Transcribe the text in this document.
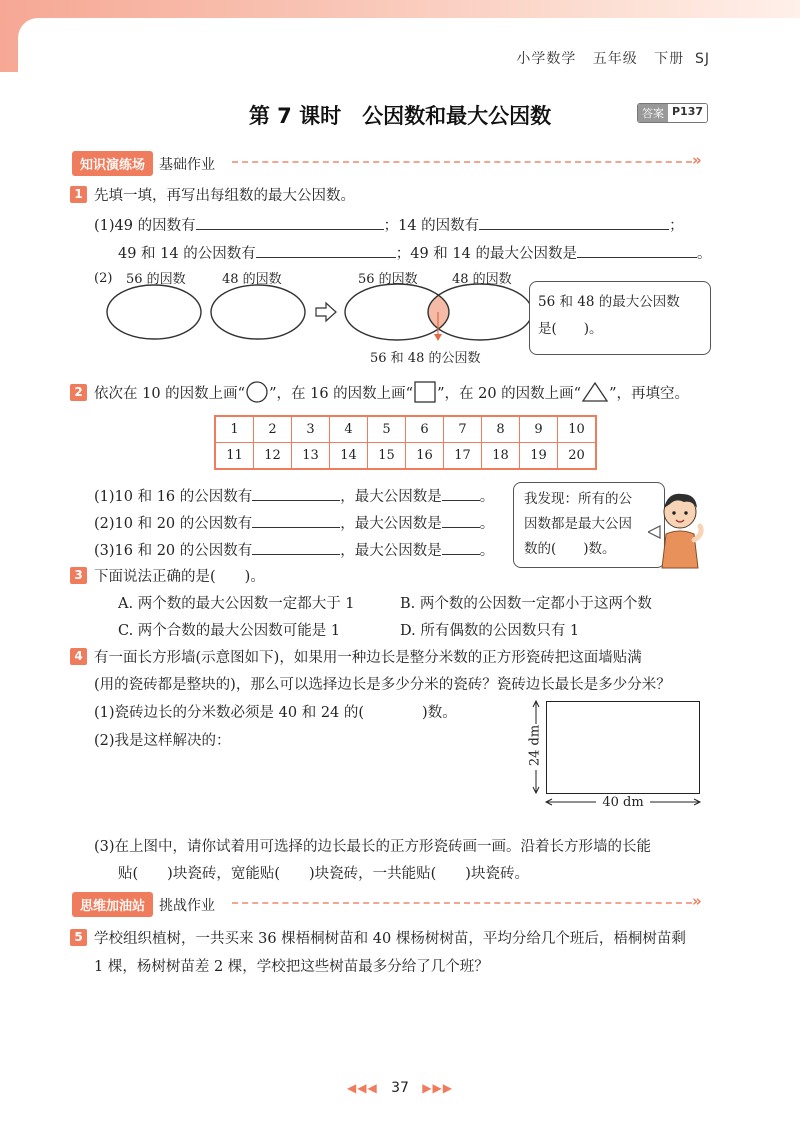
小学数学 五年级 下册 SJ
第 7 课时　公因数和最大公因数	答案 P137
知识演练场	基础作业	»
1 先填一填，再写出每组数的最大公因数。
(1)49 的因数有	；14 的因数有	；
49 和 14 的公因数有	；49 和 14 的最大公因数是	。
(2) 56 的因数	48 的因数	56 的因数	48 的因数
56 和 48 的公因数
56 和 48 的最大公因数
是(　　)。
2 依次在 10 的因数上画“ ”，在 16 的因数上画“ ”，在 20 的因数上画“ ”，再填空。
1	2	3	4	5	6	7	8	9	10
11	12	13	14	15	16	17	18	19	20
(1)10 和 16 的公因数有	，最大公因数是	。
(2)10 和 20 的公因数有	，最大公因数是	。
(3)16 和 20 的公因数有	，最大公因数是	。
我发现：所有的公
因数都是最大公因
数的(　　)数。
3 下面说法正确的是(　　)。
A. 两个数的最大公因数一定都大于 1	B. 两个数的公因数一定都小于这两个数
C. 两个合数的最大公因数可能是 1	D. 所有偶数的公因数只有 1
4 有一面长方形墙(示意图如下)，如果用一种边长是整分米数的正方形瓷砖把这面墙贴满
(用的瓷砖都是整块的)，那么可以选择边长是多少分米的瓷砖？瓷砖边长最长是多少分米？
(1)瓷砖边长的分米数必须是 40 和 24 的(　　　　)数。
(2)我是这样解决的：	24 dm
40 dm
(3)在上图中，请你试着用可选择的边长最长的正方形瓷砖画一画。沿着长方形墙的长能
贴(　　)块瓷砖，宽能贴(　　)块瓷砖，一共能贴(　　)块瓷砖。
思维加油站	挑战作业	»
5 学校组织植树，一共买来 36 棵梧桐树苗和 40 棵杨树树苗，平均分给几个班后，梧桐树苗剩
1 棵，杨树树苗差 2 棵，学校把这些树苗最多分给了几个班？
◀◀◀ 37 ▶▶▶
